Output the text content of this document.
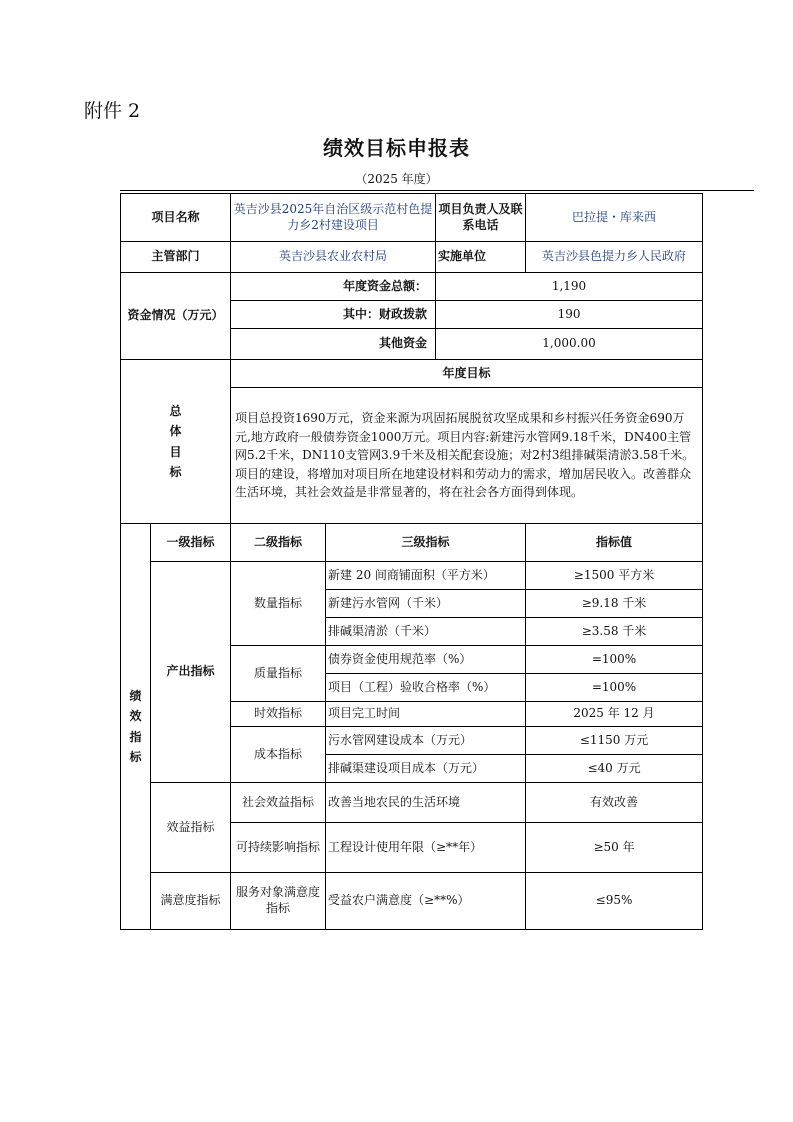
附件 2
绩效目标申报表
（2025 年度）
项目名称		英吉沙县2025年自治区级示范村色提力乡2村建设项目		项目负责人及联系电话	巴拉提・库来西
主管部门		英吉沙县农业农村局		实施单位	英吉沙县色提力乡人民政府
资金情况（万元）		年度资金总额：		1,190	
		其中：财政拨款		190	
		其他资金		1,000.00	

总
体
目
标		年度目标			
		项目总投资1690万元，资金来源为巩固拓展脱贫攻坚成果和乡村振兴任务资金690万元,地方政府一般债券资金1000万元。项目内容:新建污水管网9.18千米，DN400主管网5.2千米，DN110支管网3.9千米及相关配套设施；对2村3组排碱渠清淤3.58千米。项目的建设，将增加对项目所在地建设材料和劳动力的需求，增加居民收入。改善群众生活环境，其社会效益是非常显著的，将在社会各方面得到体现。			

绩
效
指
标	一级指标	二级指标	三级指标		指标值
	产出指标	数量指标	新建 20 间商铺面积（平方米）		≥1500 平方米
			新建污水管网（千米）		≥9.18 千米
			排碱渠清淤（千米）		≥3.58 千米
		质量指标	债券资金使用规范率（%）		=100%
			项目（工程）验收合格率（%）		=100%
		时效指标	项目完工时间		2025 年 12 月
		成本指标	污水管网建设成本（万元）		≤1150 万元
			排碱渠建设项目成本（万元）		≤40 万元
	效益指标	社会效益指标	改善当地农民的生活环境		有效改善
		可持续影响指标	工程设计使用年限（≥**年）		≥50 年
	满意度指标	服务对象满意度指标	受益农户满意度（≥**%）		≤95%
